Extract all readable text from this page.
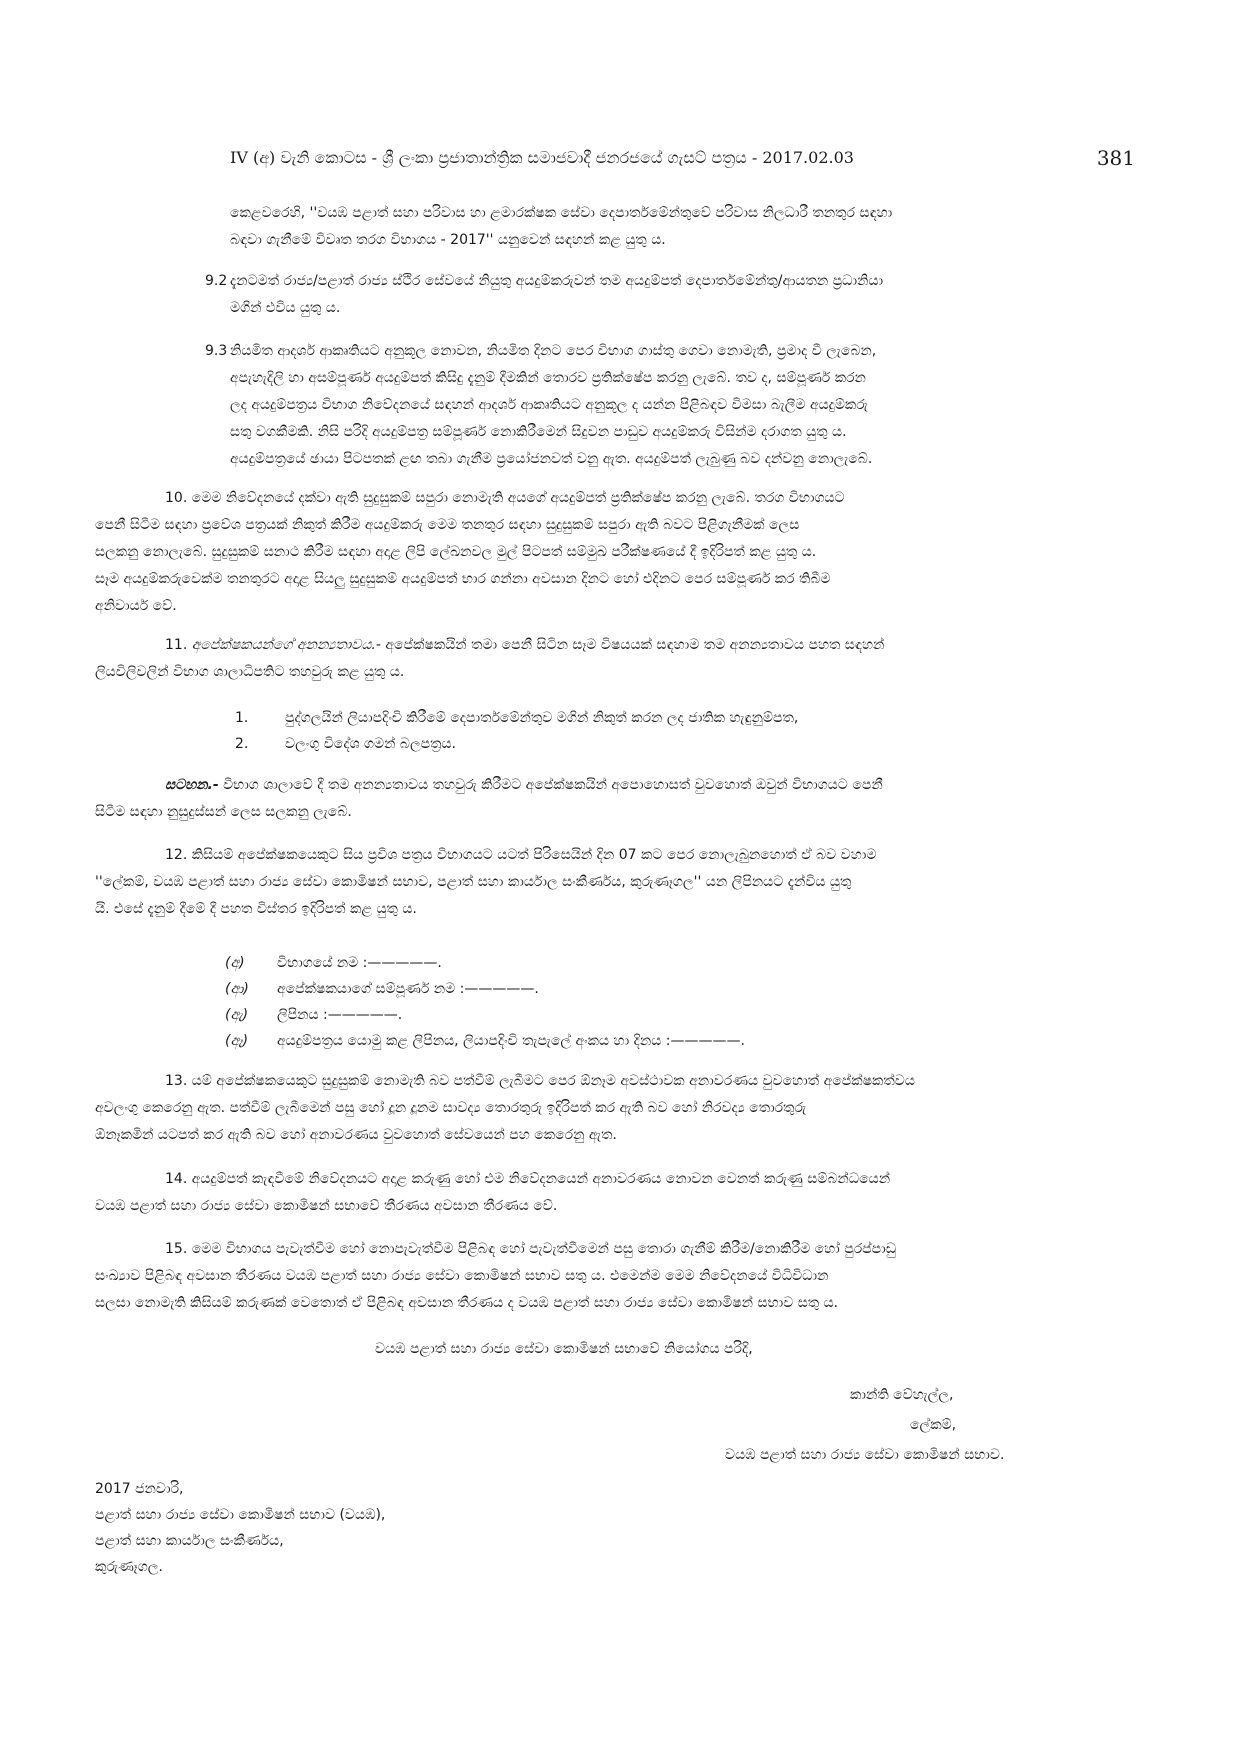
IV (අ) වැනි කොටස - ශ්‍රී ලංකා ප්‍රජාතාන්ත්‍රික සමාජවාදී ජනරජයේ ගැසට් පත්‍රය - 2017.02.03	381
කෙළවරෙහි, ''වයඹ පළාත් සහා පරිවාස හා ළමාරක්ෂක සේවා දෙපාර්තමේන්තුවේ පරිවාස නිලධාරී තනතුර සඳහා
බඳවා ගැනීමේ විවෘත තරග විභාගය - 2017'' යනුවෙන් සඳහන් කළ යුතු ය.
9.2 දැනටමත් රාජ්‍ය/පළාත් රාජ්‍ය ස්ථිර සේවයේ නියුතු අයදුම්කරුවන් තම අයදුම්පත් දෙපාර්තමේන්තු/ආයතන ප්‍රධානියා
මගින් එවිය යුතු ය.
9.3 නියමිත ආදර්ශ ආකෘතියට අනුකූල නොවන, නියමිත දිනට පෙර විභාග ගාස්තු ගෙවා නොමැති, ප්‍රමාද වී ලැබෙන,
අපැහැදිලි හා අසම්පූර්ණ අයදුම්පත් කිසිදු දැනුම් දීමකින් තොරව ප්‍රතික්ෂේප කරනු ලැබේ. තව ද, සම්පූර්ණ කරන
ලද අයදුම්පත්‍රය විභාග නිවේදනයේ සඳහන් ආදර්ශ ආකෘතියට අනුකූල ද යන්න පිළිබඳව විමසා බැලීම අයදුම්කරු
සතු වගකීමකි. නිසි පරිදි අයදුම්පත්‍ර සම්පූර්ණ නොකිරීමෙන් සිදුවන පාඩුව අයදුම්කරු විසින්ම දරාගත යුතු ය.
අයදුම්පත්‍රයේ ඡායා පිටපතක් ළඟ තබා ගැනීම ප්‍රයෝජනවත් වනු ඇත. අයදුම්පත් ලැබුණු බව දන්වනු නොලැබේ.
10. මෙම නිවේදනයේ දක්වා ඇති සුදුසුකම් සපුරා නොමැති අයගේ අයදුම්පත් ප්‍රතික්ෂේප කරනු ලැබේ. තරග විභාගයට
පෙනී සිටීම සඳහා ප්‍රවේශ පත්‍රයක් නිකුත් කිරීම අයදුම්කරු මෙම තනතුර සඳහා සුදුසුකම් සපුරා ඇති බවට පිළිගැනීමක් ලෙස
සලකනු නොලැබේ. සුදුසුකම් සනාථ කිරීම සඳහා අදාළ ලිපි ලේඛනවල මුල් පිටපත් සම්මුඛ පරීක්ෂණයේ දී ඉදිරිපත් කළ යුතු ය.
සෑම අයදුම්කරුවෙක්ම තනතුරට අදාළ සියලු සුදුසුකම් අයදුම්පත් භාර ගන්නා අවසාන දිනට හෝ එදිනට පෙර සම්පූර්ණ කර තිබීම
අනිවාර්ය වේ.
11. අපේක්ෂකයන්ගේ අනන්‍යතාවය.- අපේක්ෂකයින් තමා පෙනී සිටින සෑම විෂයයක් සඳහාම තම අනන්‍යතාවය පහත සඳහන්
ලියවිලිවලින් විභාග ශාලාධිපතිට තහවුරු කළ යුතු ය.
1.	පුද්ගලයින් ලියාපදිංචි කිරීමේ දෙපාර්තමේන්තුව මගින් නිකුත් කරන ලද ජාතික හැඳුනුම්පත,
2.	වලංගු විදේශ ගමන් බලපත්‍රය.
සටහන.- විභාග ශාලාවේ දී තම අනන්‍යතාවය තහවුරු කිරීමට අපේක්ෂකයින් අපොහොසත් වුවහොත් ඔවුන් විභාගයට පෙනී
සිටීම සඳහා නුසුදුස්සන් ලෙස සලකනු ලැබේ.
12. කිසියම් අපේක්ෂකයෙකුට සිය ප්‍රවිශ පත්‍රය විභාගයට යටත් පිරිසෙයින් දින 07 කට පෙර නොලැබුනහොත් ඒ බව වහාම
''ලේකම්, වයඹ පළාත් සහා රාජ්‍ය සේවා කොමිෂන් සභාව, පළාත් සහා කාර්යාල සංකීර්ණය, කුරුණෑගල'' යන ලිපිනයට දැන්විය යුතු
යි. එසේ දැනුම් දීමේ දී පහත විස්තර ඉදිරිපත් කළ යුතු ය.
(අ) විභාගයේ නම :—————.
(ආ) අපේක්ෂකයාගේ සම්පූර්ණ නම :—————.
(ඇ) ලිපිනය :—————.
(ඈ) අයදුම්පත්‍රය යොමු කළ ලිපිනය, ලියාපදිංචි තැපැලේ අංකය හා දිනය :—————.
13. යම් අපේක්ෂකයෙකුට සුදුසුකම් නොමැති බව පත්වීම් ලැබීමට පෙර ඕනෑම අවස්ථාවක අනාවරණය වුවහොත් අපේක්ෂකත්වය
අවලංගු කෙරෙනු ඇත. පත්වීම් ලැබීමෙන් පසු හෝ දූන දූනම සාවද්‍ය තොරතුරු ඉදිරිපත් කර ඇති බව හෝ නිරවද්‍ය තොරතුරු
ඕනෑකමින් යටපත් කර ඇති බව හෝ අනාවරණය වුවහොත් සේවයෙන් පහ කෙරෙනු ඇත.
14. අයදුම්පත් කැඳවීමේ නිවේදනයට අදාළ කරුණු හෝ එම නිවේදනයෙන් අනාවරණය නොවන වෙනත් කරුණු සම්බන්ධයෙන්
වයඹ පළාත් සහා රාජ්‍ය සේවා කොමිෂන් සභාවේ තීරණය අවසාන තීරණය වේ.
15. මෙම විභාගය පැවැත්වීම හෝ නොපැවැත්වීම පිළිබඳ හෝ පැවැත්වීමෙන් පසු තොරා ගැනීම් කිරීම/නොකිරීම හෝ පුරප්පාඩු
සංඛ්‍යාව පිළිබඳ අවසාන තීරණය වයඹ පළාත් සහා රාජ්‍ය සේවා කොමිෂන් සභාව සතු ය. එමෙන්ම මෙම නිවේදනයේ විධිවිධාන
සලසා නොමැති කිසියම් කරුණක් වෙතොත් ඒ පිළිබඳ අවසාන තීරණය ද වයඹ පළාත් සහා රාජ්‍ය සේවා කොමිෂන් සභාව සතු ය.
වයඹ පළාත් සහා රාජ්‍ය සේවා කොමිෂන් සභාවේ නියෝගය පරිදි,
කාන්ති වේහැල්ල,
ලේකම්,
වයඹ පළාත් සහා රාජ්‍ය සේවා කොමිෂන් සභාව.
2017 ජනවාරි,
පළාත් සහා රාජ්‍ය සේවා කොමිෂන් සභාව (වයඹ),
පළාත් සහා කාර්යාල සංකීර්ණය,
කුරුණෑගල.
